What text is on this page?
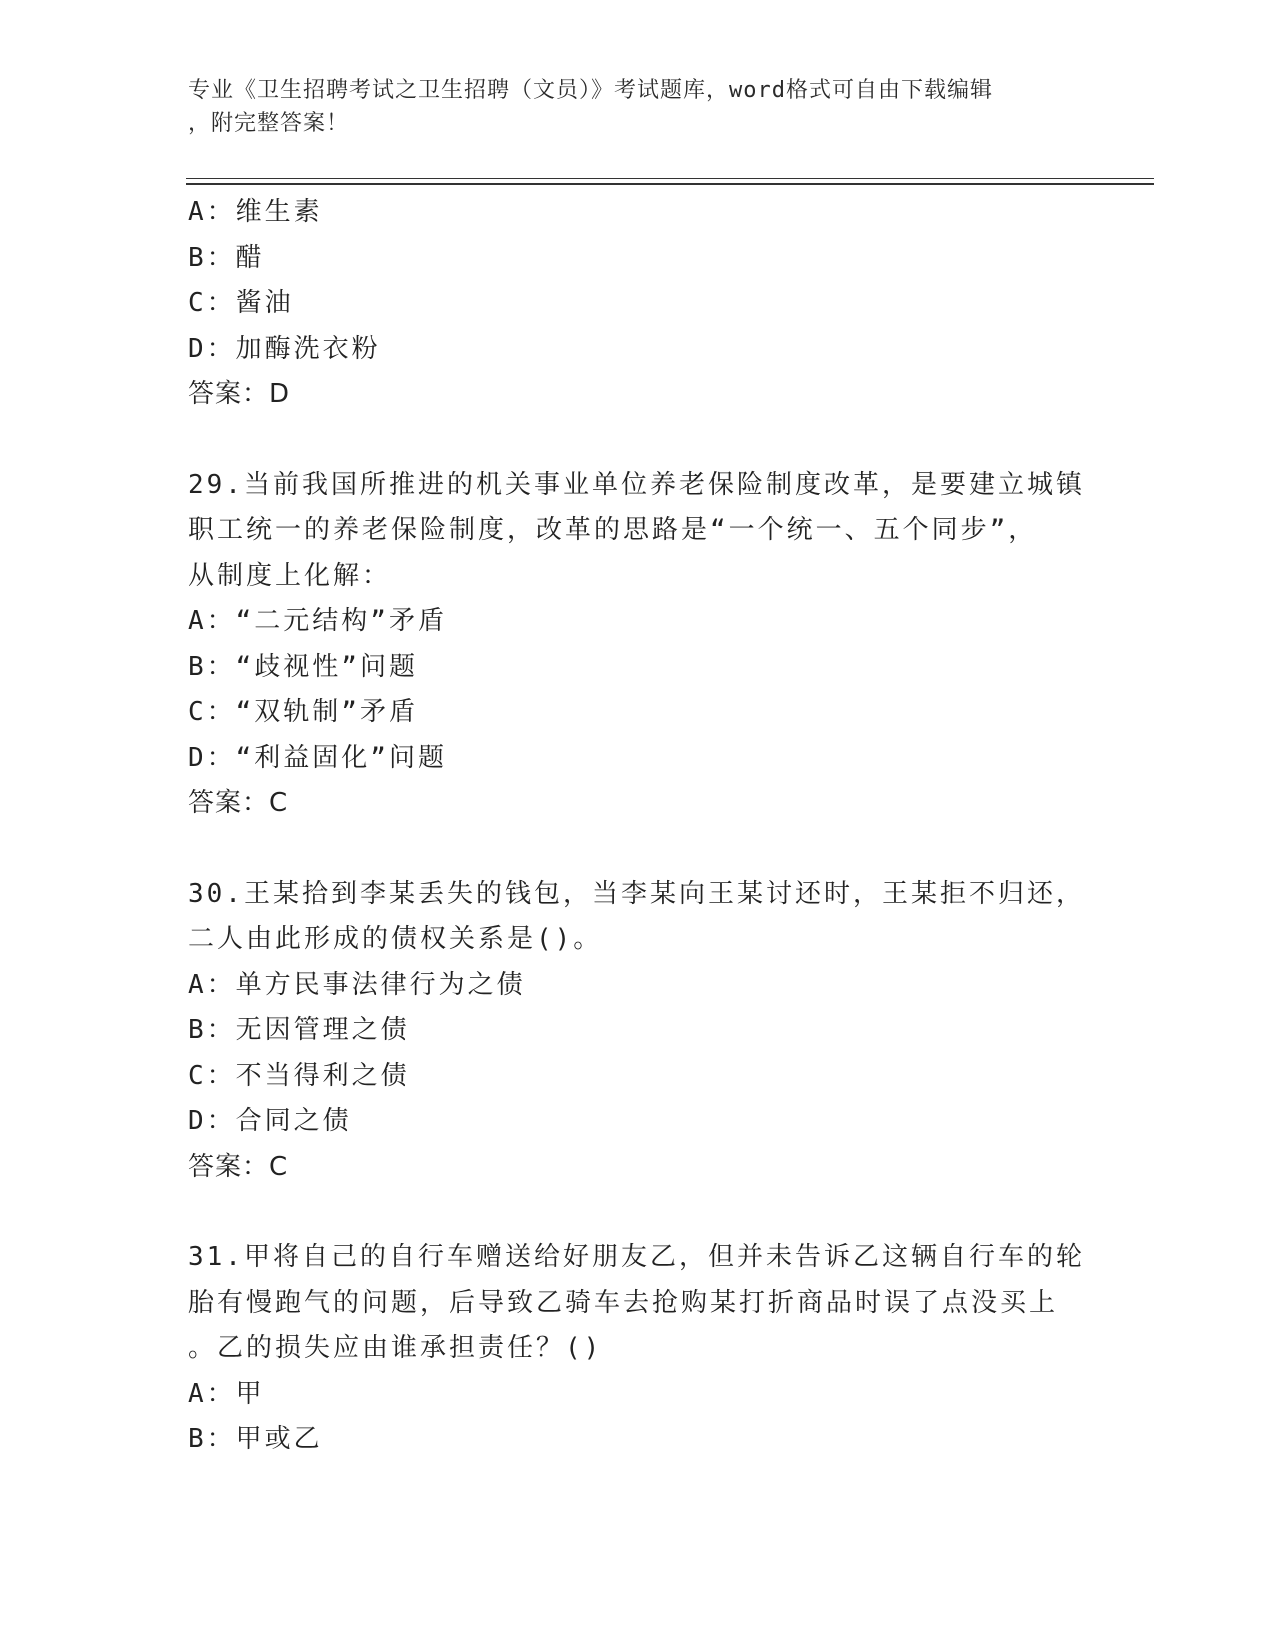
专业《卫生招聘考试之卫生招聘（文员）》考试题库，word格式可自由下载编辑
，附完整答案！
A：维生素
B：醋
C：酱油
D：加酶洗衣粉
答案：D
29.当前我国所推进的机关事业单位养老保险制度改革，是要建立城镇
职工统一的养老保险制度，改革的思路是“一个统一、五个同步”，
从制度上化解：
A：“二元结构”矛盾
B：“歧视性”问题
C：“双轨制”矛盾
D：“利益固化”问题
答案：C
30.王某拾到李某丢失的钱包，当李某向王某讨还时，王某拒不归还，
二人由此形成的债权关系是()。
A：单方民事法律行为之债
B：无因管理之债
C：不当得利之债
D：合同之债
答案：C
31.甲将自己的自行车赠送给好朋友乙，但并未告诉乙这辆自行车的轮
胎有慢跑气的问题，后导致乙骑车去抢购某打折商品时误了点没买上
。乙的损失应由谁承担责任？()
A：甲
B：甲或乙
